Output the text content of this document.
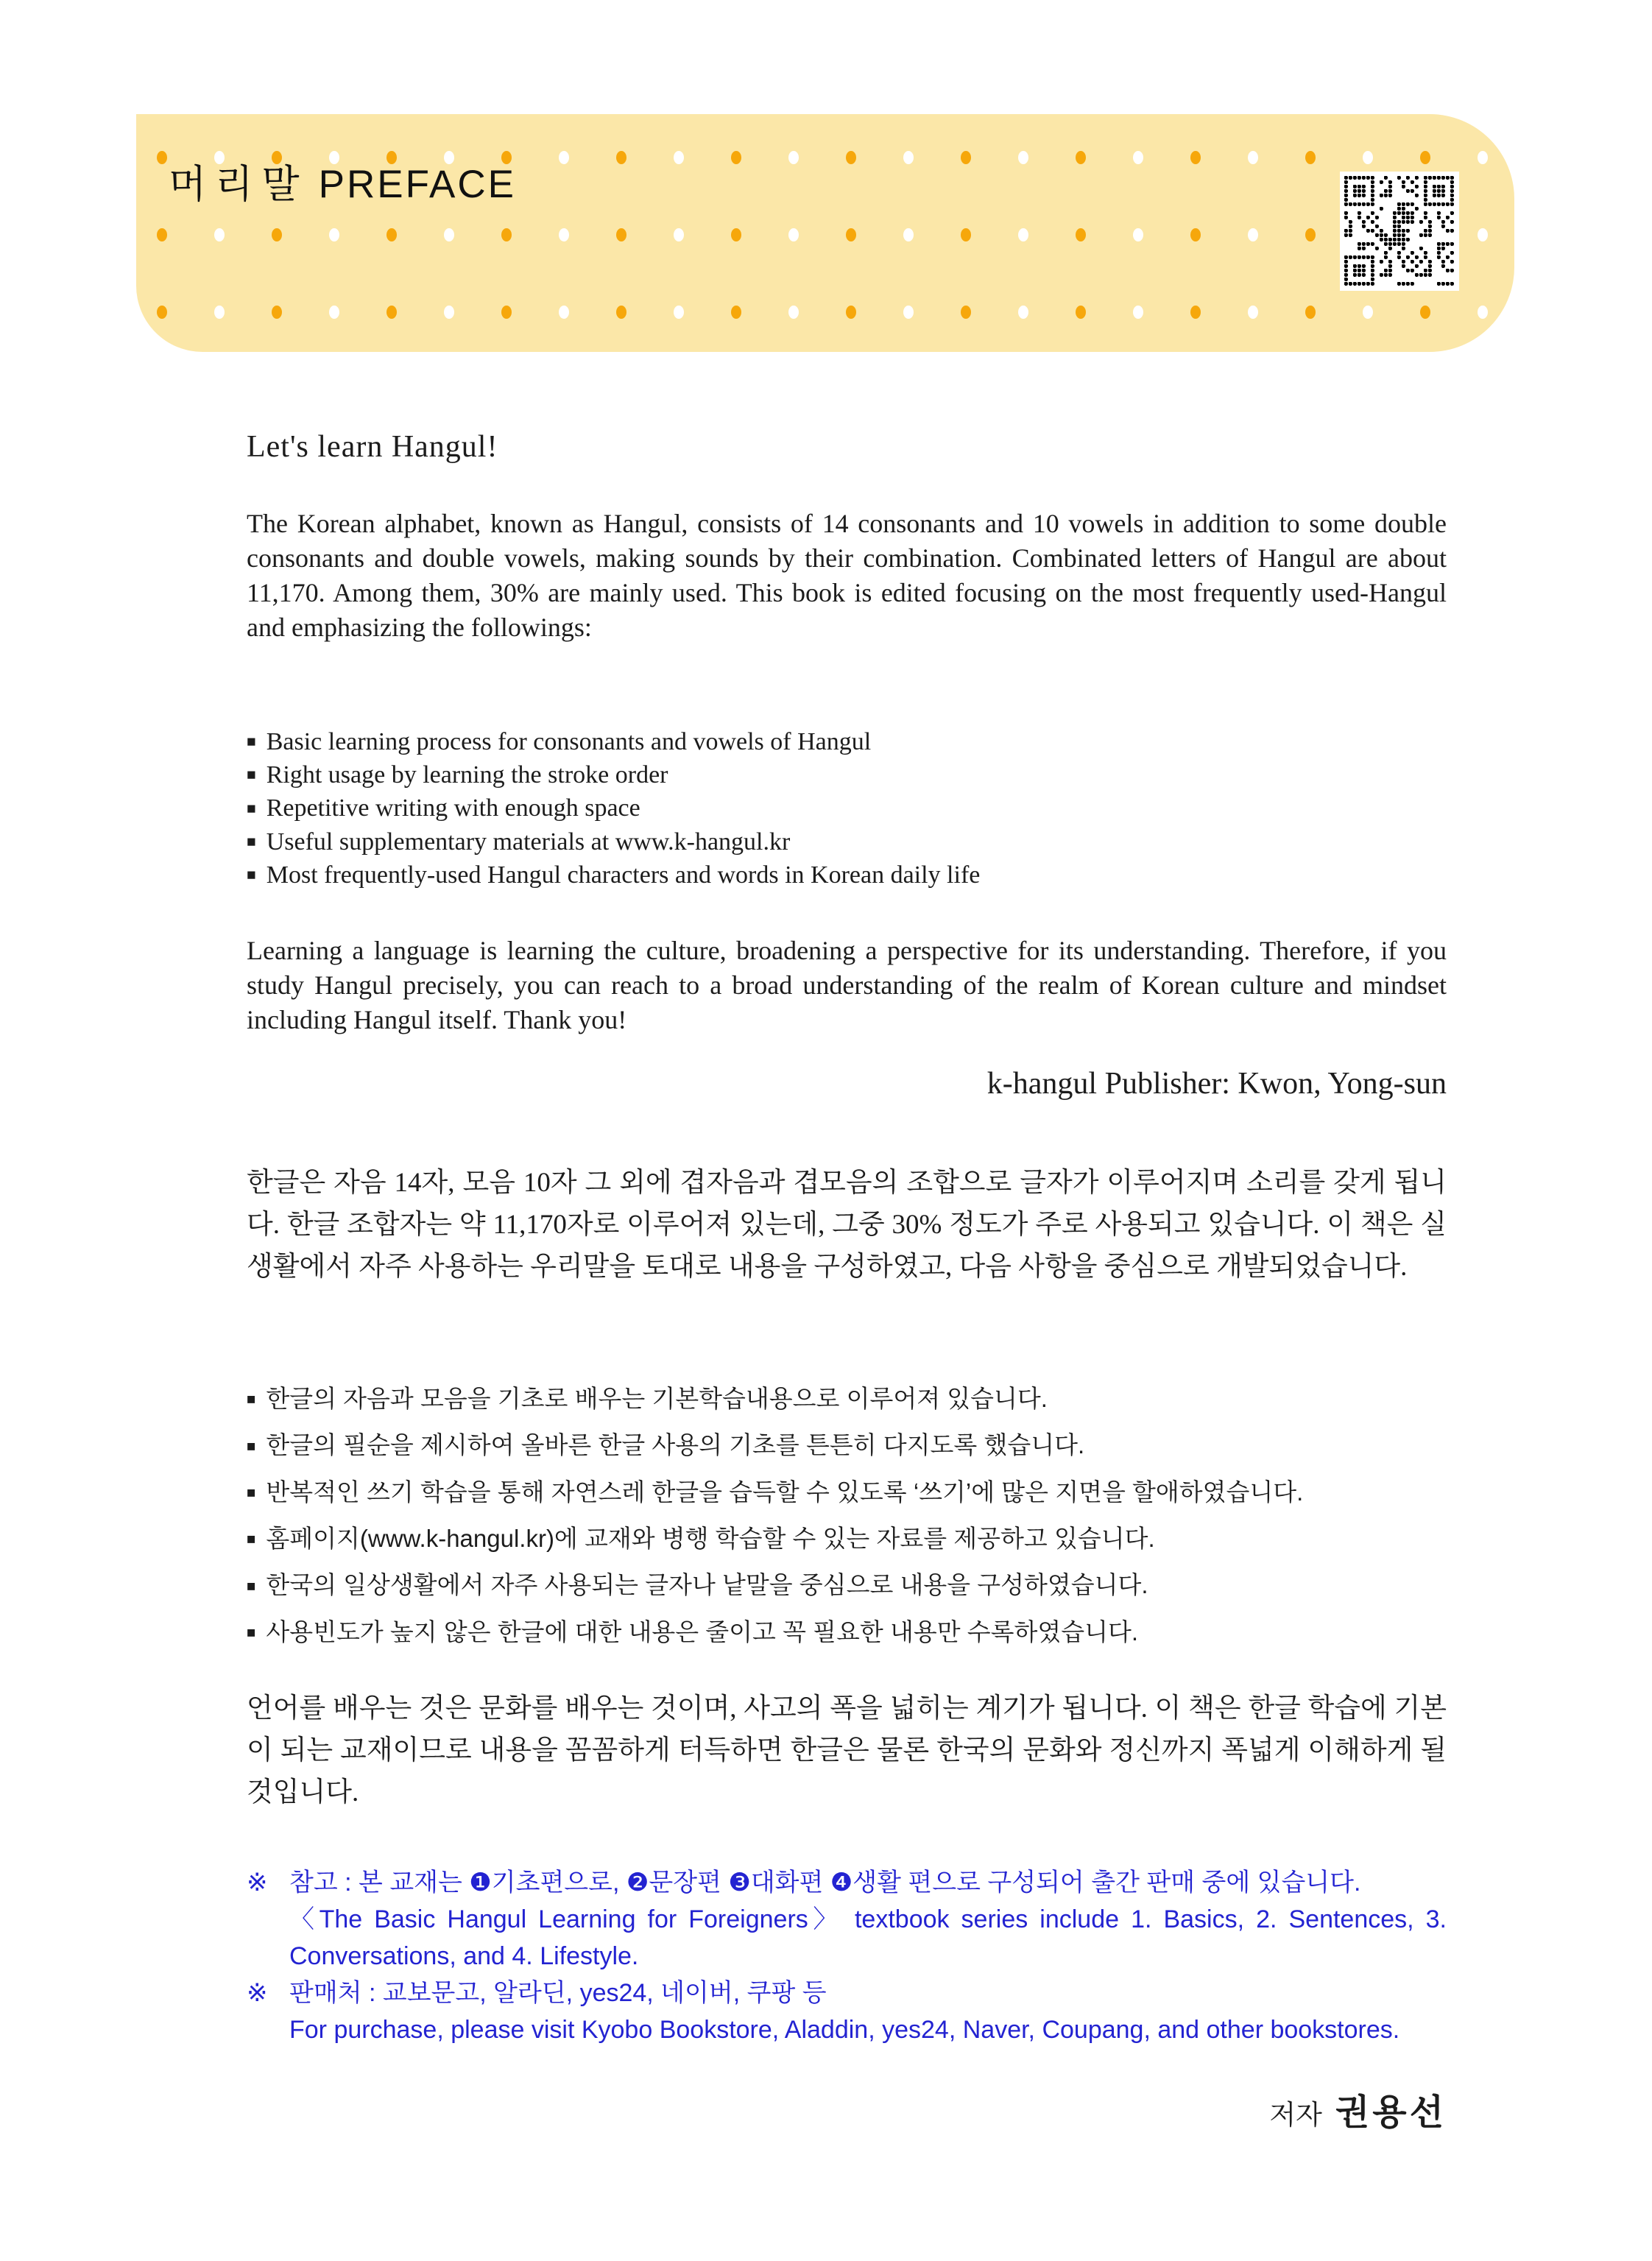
머리말 PREFACE
Let's learn Hangul!
The Korean alphabet, known as Hangul, consists of 14 consonants and 10 vowels in addition to some double consonants and double vowels, making sounds by their combination. Combinated letters of Hangul are about 11,170. Among them, 30% are mainly used. This book is edited focusing on the most frequently used-Hangul and emphasizing the followings:
■ Basic learning process for consonants and vowels of Hangul
■ Right usage by learning the stroke order
■ Repetitive writing with enough space
■ Useful supplementary materials at www.k-hangul.kr
■ Most frequently-used Hangul characters and words in Korean daily life
Learning a language is learning the culture, broadening a perspective for its understanding. Therefore, if you study Hangul precisely, you can reach to a broad understanding of the realm of Korean culture and mindset including Hangul itself. Thank you!
k-hangul Publisher: Kwon, Yong-sun
한글은 자음 14자, 모음 10자 그 외에 겹자음과 겹모음의 조합으로 글자가 이루어지며 소리를 갖게 됩니다. 한글 조합자는 약 11,170자로 이루어져 있는데, 그중 30% 정도가 주로 사용되고 있습니다. 이 책은 실생활에서 자주 사용하는 우리말을 토대로 내용을 구성하였고, 다음 사항을 중심으로 개발되었습니다.
■ 한글의 자음과 모음을 기초로 배우는 기본학습내용으로 이루어져 있습니다.
■ 한글의 필순을 제시하여 올바른 한글 사용의 기초를 튼튼히 다지도록 했습니다.
■ 반복적인 쓰기 학습을 통해 자연스레 한글을 습득할 수 있도록 ‘쓰기’에 많은 지면을 할애하였습니다.
■ 홈페이지(www.k-hangul.kr)에 교재와 병행 학습할 수 있는 자료를 제공하고 있습니다.
■ 한국의 일상생활에서 자주 사용되는 글자나 낱말을 중심으로 내용을 구성하였습니다.
■ 사용빈도가 높지 않은 한글에 대한 내용은 줄이고 꼭 필요한 내용만 수록하였습니다.
언어를 배우는 것은 문화를 배우는 것이며, 사고의 폭을 넓히는 계기가 됩니다. 이 책은 한글 학습에 기본이 되는 교재이므로 내용을 꼼꼼하게 터득하면 한글은 물론 한국의 문화와 정신까지 폭넓게 이해하게 될 것입니다.
※ 참고 : 본 교재는 ❶기초편으로, ❷문장편 ❸대화편 ❹생활 편으로 구성되어 출간 판매 중에 있습니다.
〈The Basic Hangul Learning for Foreigners〉 textbook series include 1. Basics, 2. Sentences, 3. Conversations, and 4. Lifestyle.
※ 판매처 : 교보문고, 알라딘, yes24, 네이버, 쿠팡 등
For purchase, please visit Kyobo Bookstore, Aladdin, yes24, Naver, Coupang, and other bookstores.
저자 권용선
